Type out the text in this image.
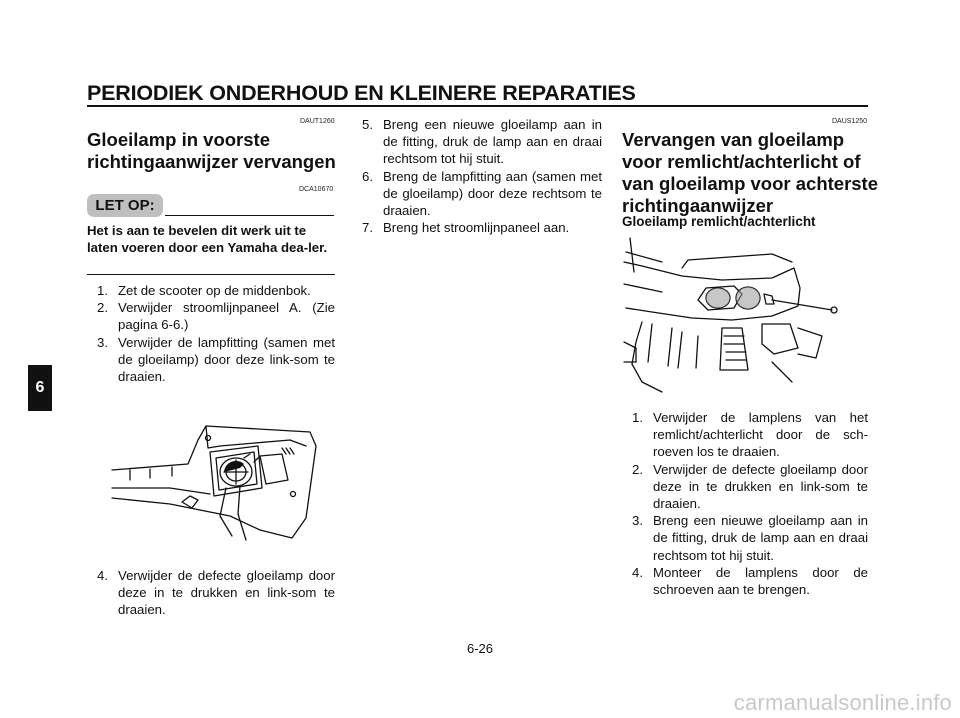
PERIODIEK ONDERHOUD EN KLEINERE REPARATIES
6
DAUT1260
Gloeilamp in voorste
richtingaanwijzer vervangen
DCA10670
LET OP:
Het is aan te bevelen dit werk uit te laten voeren door een Yamaha dea-ler.
1. Zet de scooter op de middenbok.
2. Verwijder stroomlijnpaneel A. (Zie pagina 6-6.)
3. Verwijder de lampfitting (samen met de gloeilamp) door deze link-som te draaien.
4. Verwijder de defecte gloeilamp door deze in te drukken en link-som te draaien.
5. Breng een nieuwe gloeilamp aan in de fitting, druk de lamp aan en draai rechtsom tot hij stuit.
6. Breng de lampfitting aan (samen met de gloeilamp) door deze rechtsom te draaien.
7. Breng het stroomlijnpaneel aan.
DAUS1250
Vervangen van gloeilamp
voor remlicht/achterlicht of
van gloeilamp voor achterste
richtingaanwijzer
Gloeilamp remlicht/achterlicht
1. Verwijder de lamplens van het remlicht/achterlicht door de sch-roeven los te draaien.
2. Verwijder de defecte gloeilamp door deze in te drukken en link-som te draaien.
3. Breng een nieuwe gloeilamp aan in de fitting, druk de lamp aan en draai rechtsom tot hij stuit.
4. Monteer de lamplens door de schroeven aan te brengen.
6-26
carmanualsonline.info
